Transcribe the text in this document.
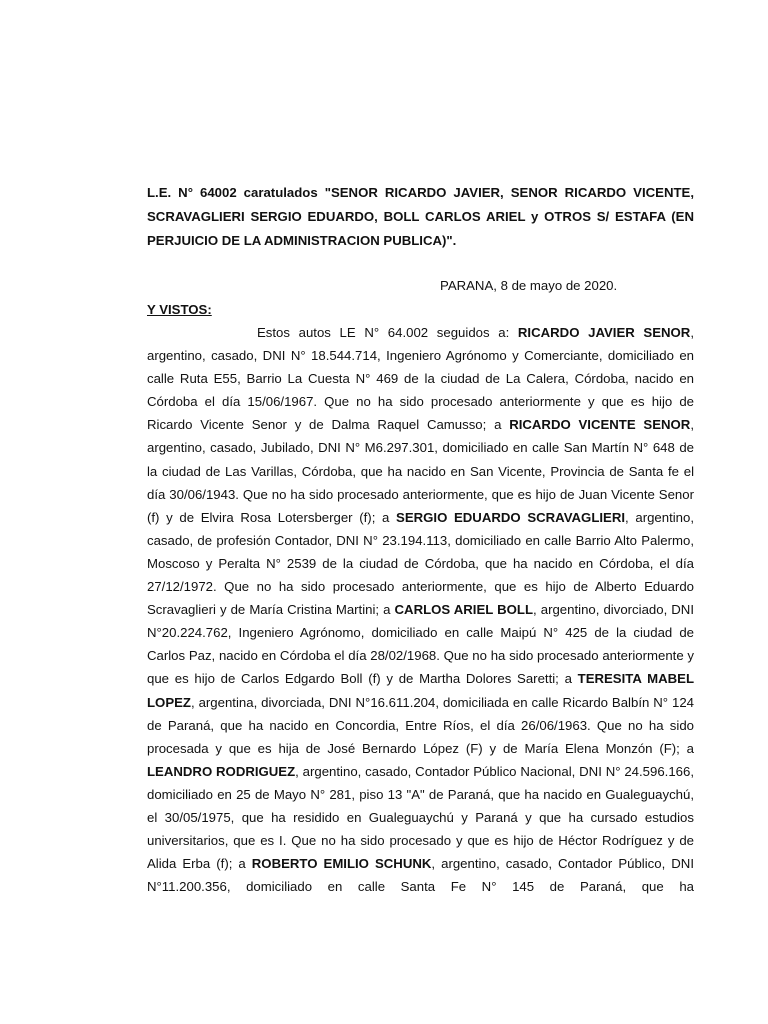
L.E. N° 64002 caratulados "SENOR RICARDO JAVIER, SENOR RICARDO VICENTE, SCRAVAGLIERI SERGIO EDUARDO, BOLL CARLOS ARIEL y OTROS S/ ESTAFA (EN PERJUICIO DE LA ADMINISTRACION PUBLICA)".
PARANA, 8 de mayo de 2020.
Y VISTOS:
Estos autos LE N° 64.002 seguidos a: RICARDO JAVIER SENOR, argentino, casado, DNI N° 18.544.714, Ingeniero Agrónomo y Comerciante, domiciliado en calle Ruta E55, Barrio La Cuesta N° 469 de la ciudad de La Calera, Córdoba, nacido en Córdoba el día 15/06/1967. Que no ha sido procesado anteriormente y que es hijo de Ricardo Vicente Senor y de Dalma Raquel Camusso; a RICARDO VICENTE SENOR, argentino, casado, Jubilado, DNI N° M6.297.301, domiciliado en calle San Martín N° 648 de la ciudad de Las Varillas, Córdoba, que ha nacido en San Vicente, Provincia de Santa fe el día 30/06/1943. Que no ha sido procesado anteriormente, que es hijo de Juan Vicente Senor (f) y de Elvira Rosa Lotersberger (f); a SERGIO EDUARDO SCRAVAGLIERI, argentino, casado, de profesión Contador, DNI N° 23.194.113, domiciliado en calle Barrio Alto Palermo, Moscoso y Peralta N° 2539 de la ciudad de Córdoba, que ha nacido en Córdoba, el día 27/12/1972. Que no ha sido procesado anteriormente, que es hijo de Alberto Eduardo Scravaglieri y de María Cristina Martini; a CARLOS ARIEL BOLL, argentino, divorciado, DNI N°20.224.762, Ingeniero Agrónomo, domiciliado en calle Maipú N° 425 de la ciudad de Carlos Paz, nacido en Córdoba el día 28/02/1968. Que no ha sido procesado anteriormente y que es hijo de Carlos Edgardo Boll (f) y de Martha Dolores Saretti; a TERESITA MABEL LOPEZ, argentina, divorciada, DNI N°16.611.204, domiciliada en calle Ricardo Balbín N° 124 de Paraná, que ha nacido en Concordia, Entre Ríos, el día 26/06/1963. Que no ha sido procesada y que es hija de José Bernardo López (F) y de María Elena Monzón (F); a LEANDRO RODRIGUEZ, argentino, casado, Contador Público Nacional, DNI N° 24.596.166, domiciliado en 25 de Mayo N° 281, piso 13 "A" de Paraná, que ha nacido en Gualeguaychú, el 30/05/1975, que ha residido en Gualeguaychú y Paraná y que ha cursado estudios universitarios, que es I. Que no ha sido procesado y que es hijo de Héctor Rodríguez y de Alida Erba (f); a ROBERTO EMILIO SCHUNK, argentino, casado, Contador Público, DNI N°11.200.356, domiciliado en calle Santa Fe N° 145 de Paraná, que ha
